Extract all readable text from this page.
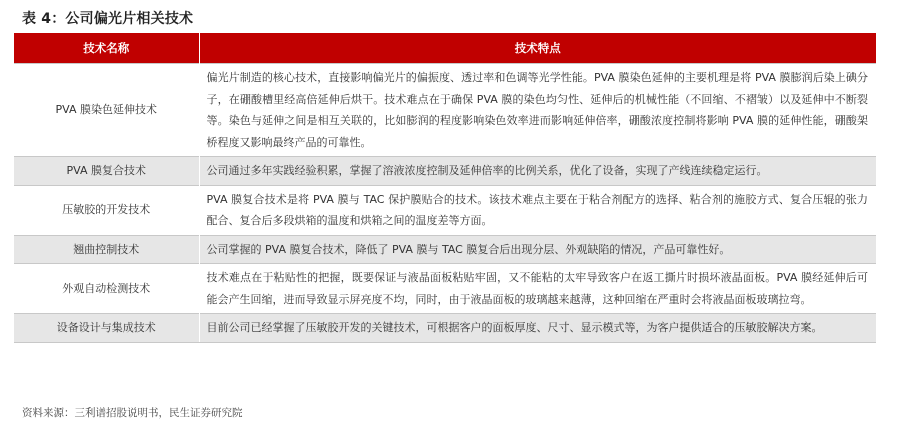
表 4：公司偏光片相关技术
技术名称	技术特点
PVA 膜染色延伸技术	偏光片制造的核心技术，直接影响偏光片的偏振度、透过率和色调等光学性能。PVA 膜染色延伸的主要机理是将 PVA 膜膨润后染上碘分子，在硼酸槽里经高倍延伸后烘干。技术难点在于确保 PVA 膜的染色均匀性、延伸后的机械性能（不回缩、不褶皱）以及延伸中不断裂等。染色与延伸之间是相互关联的，比如膨润的程度影响染色效率进而影响延伸倍率，硼酸浓度控制将影响 PVA 膜的延伸性能，硼酸架桥程度又影响最终产品的可靠性。
PVA 膜复合技术	公司通过多年实践经验积累，掌握了溶液浓度控制及延伸倍率的比例关系，优化了设备，实现了产线连续稳定运行。
压敏胶的开发技术	PVA 膜复合技术是将 PVA 膜与 TAC 保护膜贴合的技术。该技术难点主要在于粘合剂配方的选择、粘合剂的施胶方式、复合压辊的张力配合、复合后多段烘箱的温度和烘箱之间的温度差等方面。
翘曲控制技术	公司掌握的 PVA 膜复合技术，降低了 PVA 膜与 TAC 膜复合后出现分层、外观缺陷的情况，产品可靠性好。
外观自动检测技术	技术难点在于粘贴性的把握，既要保证与液晶面板粘贴牢固，又不能粘的太牢导致客户在返工撕片时损坏液晶面板。PVA 膜经延伸后可能会产生回缩，进而导致显示屏亮度不均，同时，由于液晶面板的玻璃越来越薄，这种回缩在严重时会将液晶面板玻璃拉弯。
设备设计与集成技术	目前公司已经掌握了压敏胶开发的关键技术，可根据客户的面板厚度、尺寸、显示模式等，为客户提供适合的压敏胶解决方案。
资料来源：三利谱招股说明书，民生证券研究院
